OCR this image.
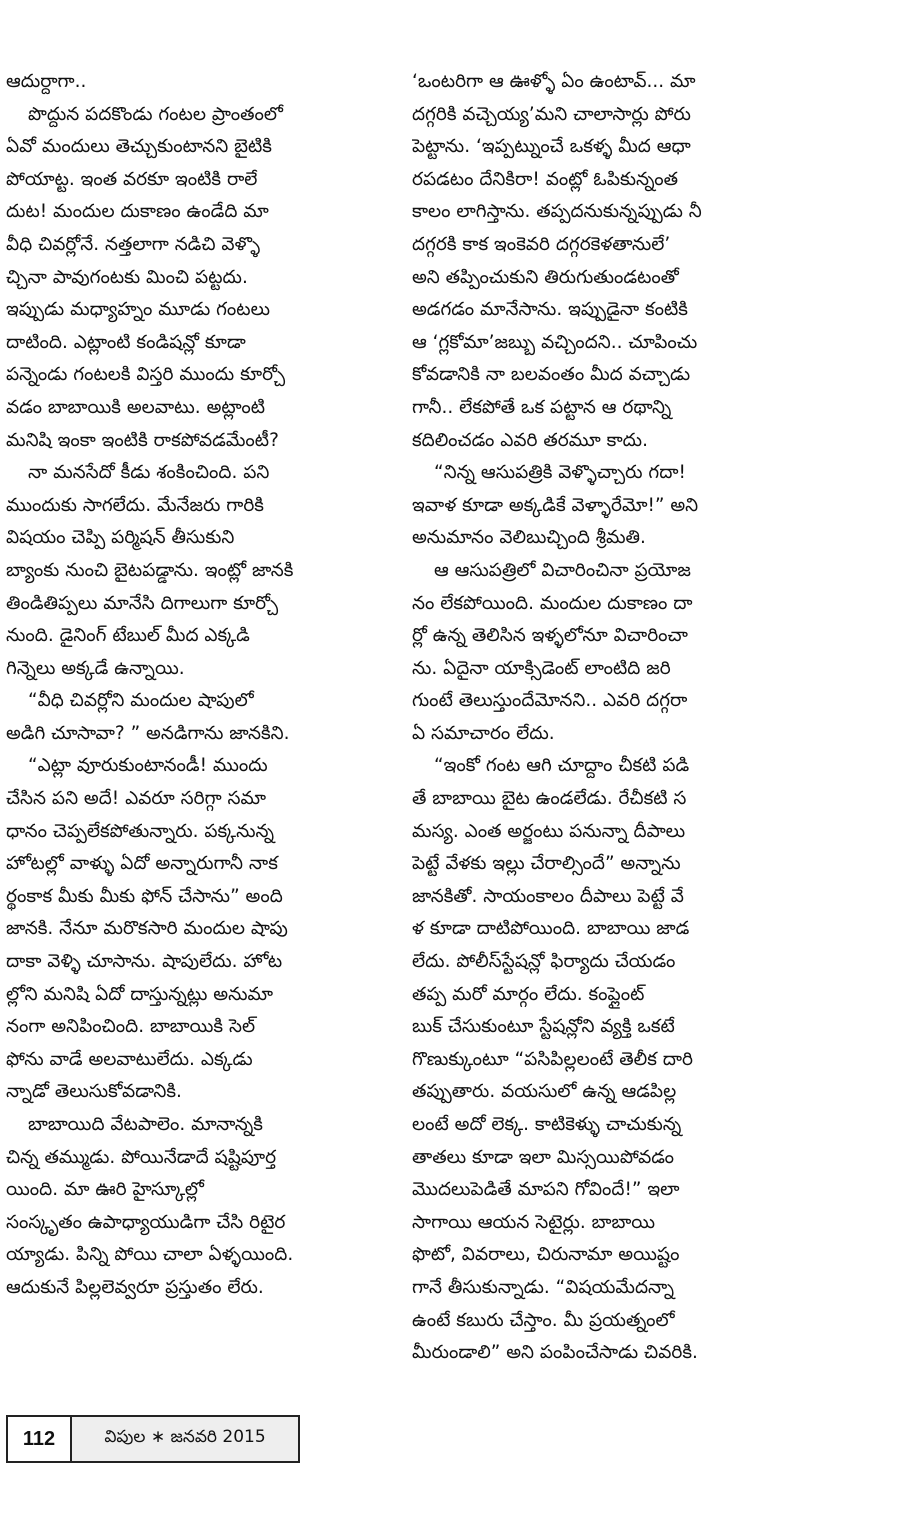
ఆదుర్దాగా..
పొద్దున పదకొండు గంటల ప్రాంతంలో
ఏవో మందులు తెచ్చుకుంటానని బైటికి
పోయాట్ట. ఇంత వరకూ ఇంటికి రాలే
దుట! మందుల దుకాణం ఉండేది మా
వీధి చివర్లోనే. నత్తలాగా నడిచి వెళ్ళొ
చ్చినా పావుగంటకు మించి పట్టదు.
ఇప్పుడు మధ్యాహ్నం మూడు గంటలు
దాటింది. ఎట్లాంటి కండిషన్లో కూడా
పన్నెండు గంటలకి విస్తరి ముందు కూర్చో
వడం బాబాయికి అలవాటు. అట్లాంటి
మనిషి ఇంకా ఇంటికి రాకపోవడమేంటీ?
నా మనసేదో కీడు శంకించింది. పని
ముందుకు సాగలేదు. మేనేజరు గారికి
విషయం చెప్పి పర్మిషన్ తీసుకుని
బ్యాంకు నుంచి బైటపడ్డాను. ఇంట్లో జానకి
తిండితిప్పలు మానేసి దిగాలుగా కూర్చో
నుంది. డైనింగ్ టేబుల్ మీద ఎక్కడి
గిన్నెలు అక్కడే ఉన్నాయి.
“వీధి చివర్లోని మందుల షాపులో
అడిగి చూసావా? ” అనడిగాను జానకిని.
“ఎట్లా వూరుకుంటానండీ! ముందు
చేసిన పని అదే! ఎవరూ సరిగ్గా సమా
ధానం చెప్పలేకపోతున్నారు. పక్కనున్న
హోటల్లో వాళ్ళు ఏదో అన్నారుగానీ నాక
ర్థంకాక మీకు మీకు ఫోన్ చేసాను” అంది
జానకి. నేనూ మరొకసారి మందుల షాపు
దాకా వెళ్ళి చూసాను. షాపులేదు. హోట
ల్లోని మనిషి ఏదో దాస్తున్నట్లు అనుమా
నంగా అనిపించింది. బాబాయికి సెల్
ఫోను వాడే అలవాటులేదు. ఎక్కడు
న్నాడో తెలుసుకోవడానికి.
బాబాయిది వేటపాలెం. మానాన్నకి
చిన్న తమ్ముడు. పోయినేడాదే షష్టిపూర్త
యింది. మా ఊరి హైస్కూల్లో
సంస్కృతం ఉపాధ్యాయుడిగా చేసి రిటైర
య్యాడు. పిన్ని పోయి చాలా ఏళ్ళయింది.
ఆదుకునే పిల్లలెవ్వరూ ప్రస్తుతం లేరు.
‘ఒంటరిగా ఆ ఊళ్ళో ఏం ఉంటావ్... మా
దగ్గరికి వచ్చెయ్య’మని చాలాసార్లు పోరు
పెట్టాను. ‘ఇప్పట్నుంచే ఒకళ్ళ మీద ఆధా
రపడటం దేనికిరా! వంట్లో ఓపికున్నంత
కాలం లాగిస్తాను. తప్పదనుకున్నప్పుడు నీ
దగ్గరకి కాక ఇంకెవరి దగ్గరకెళతానులే’
అని తప్పించుకుని తిరుగుతుండటంతో
అడగడం మానేసాను. ఇప్పుడైనా కంటికి
ఆ ‘గ్లకోమా’జబ్బు వచ్చిందని.. చూపించు
కోవడానికి నా బలవంతం మీద వచ్చాడు
గానీ.. లేకపోతే ఒక పట్టాన ఆ రథాన్ని
కదిలించడం ఎవరి తరమూ కాదు.
“నిన్న ఆసుపత్రికి వెళ్ళొచ్చారు గదా!
ఇవాళ కూడా అక్కడికే వెళ్ళారేమో!” అని
అనుమానం వెలిబుచ్చింది శ్రీమతి.
ఆ ఆసుపత్రిలో విచారించినా ప్రయోజ
నం లేకపోయింది. మందుల దుకాణం దా
ర్లో ఉన్న తెలిసిన ఇళ్ళలోనూ విచారించా
ను. ఏదైనా యాక్సిడెంట్ లాంటిది జరి
గుంటే తెలుస్తుందేమోనని.. ఎవరి దగ్గరా
ఏ సమాచారం లేదు.
“ఇంకో గంట ఆగి చూద్దాం చీకటి పడి
తే బాబాయి బైట ఉండలేడు. రేచీకటి స
మస్య. ఎంత అర్జంటు పనున్నా దీపాలు
పెట్టే వేళకు ఇల్లు చేరాల్సిందే” అన్నాను
జానకితో. సాయంకాలం దీపాలు పెట్టే వే
ళ కూడా దాటిపోయింది. బాబాయి జాడ
లేదు. పోలీస్‌స్టేషన్లో ఫిర్యాదు చేయడం
తప్ప మరో మార్గం లేదు. కంప్లైంట్
బుక్ చేసుకుంటూ స్టేషన్లోని వ్యక్తి ఒకటే
గొణుక్కుంటూ “పసిపిల్లలంటే తెలీక దారి
తప్పుతారు. వయసులో ఉన్న ఆడపిల్ల
లంటే అదో లెక్క. కాటికెళ్ళు చాచుకున్న
తాతలు కూడా ఇలా మిస్సయిపోవడం
మొదలుపెడితే మాపని గోవిందే!” ఇలా
సాగాయి ఆయన సెటైర్లు. బాబాయి
ఫొటో, వివరాలు, చిరునామా అయిష్టం
గానే తీసుకున్నాడు. “విషయమేదన్నా
ఉంటే కబురు చేస్తాం. మీ ప్రయత్నంలో
మీరుండాలి” అని పంపించేసాడు చివరికి.
112	విపుల ∗ జనవరి 2015
